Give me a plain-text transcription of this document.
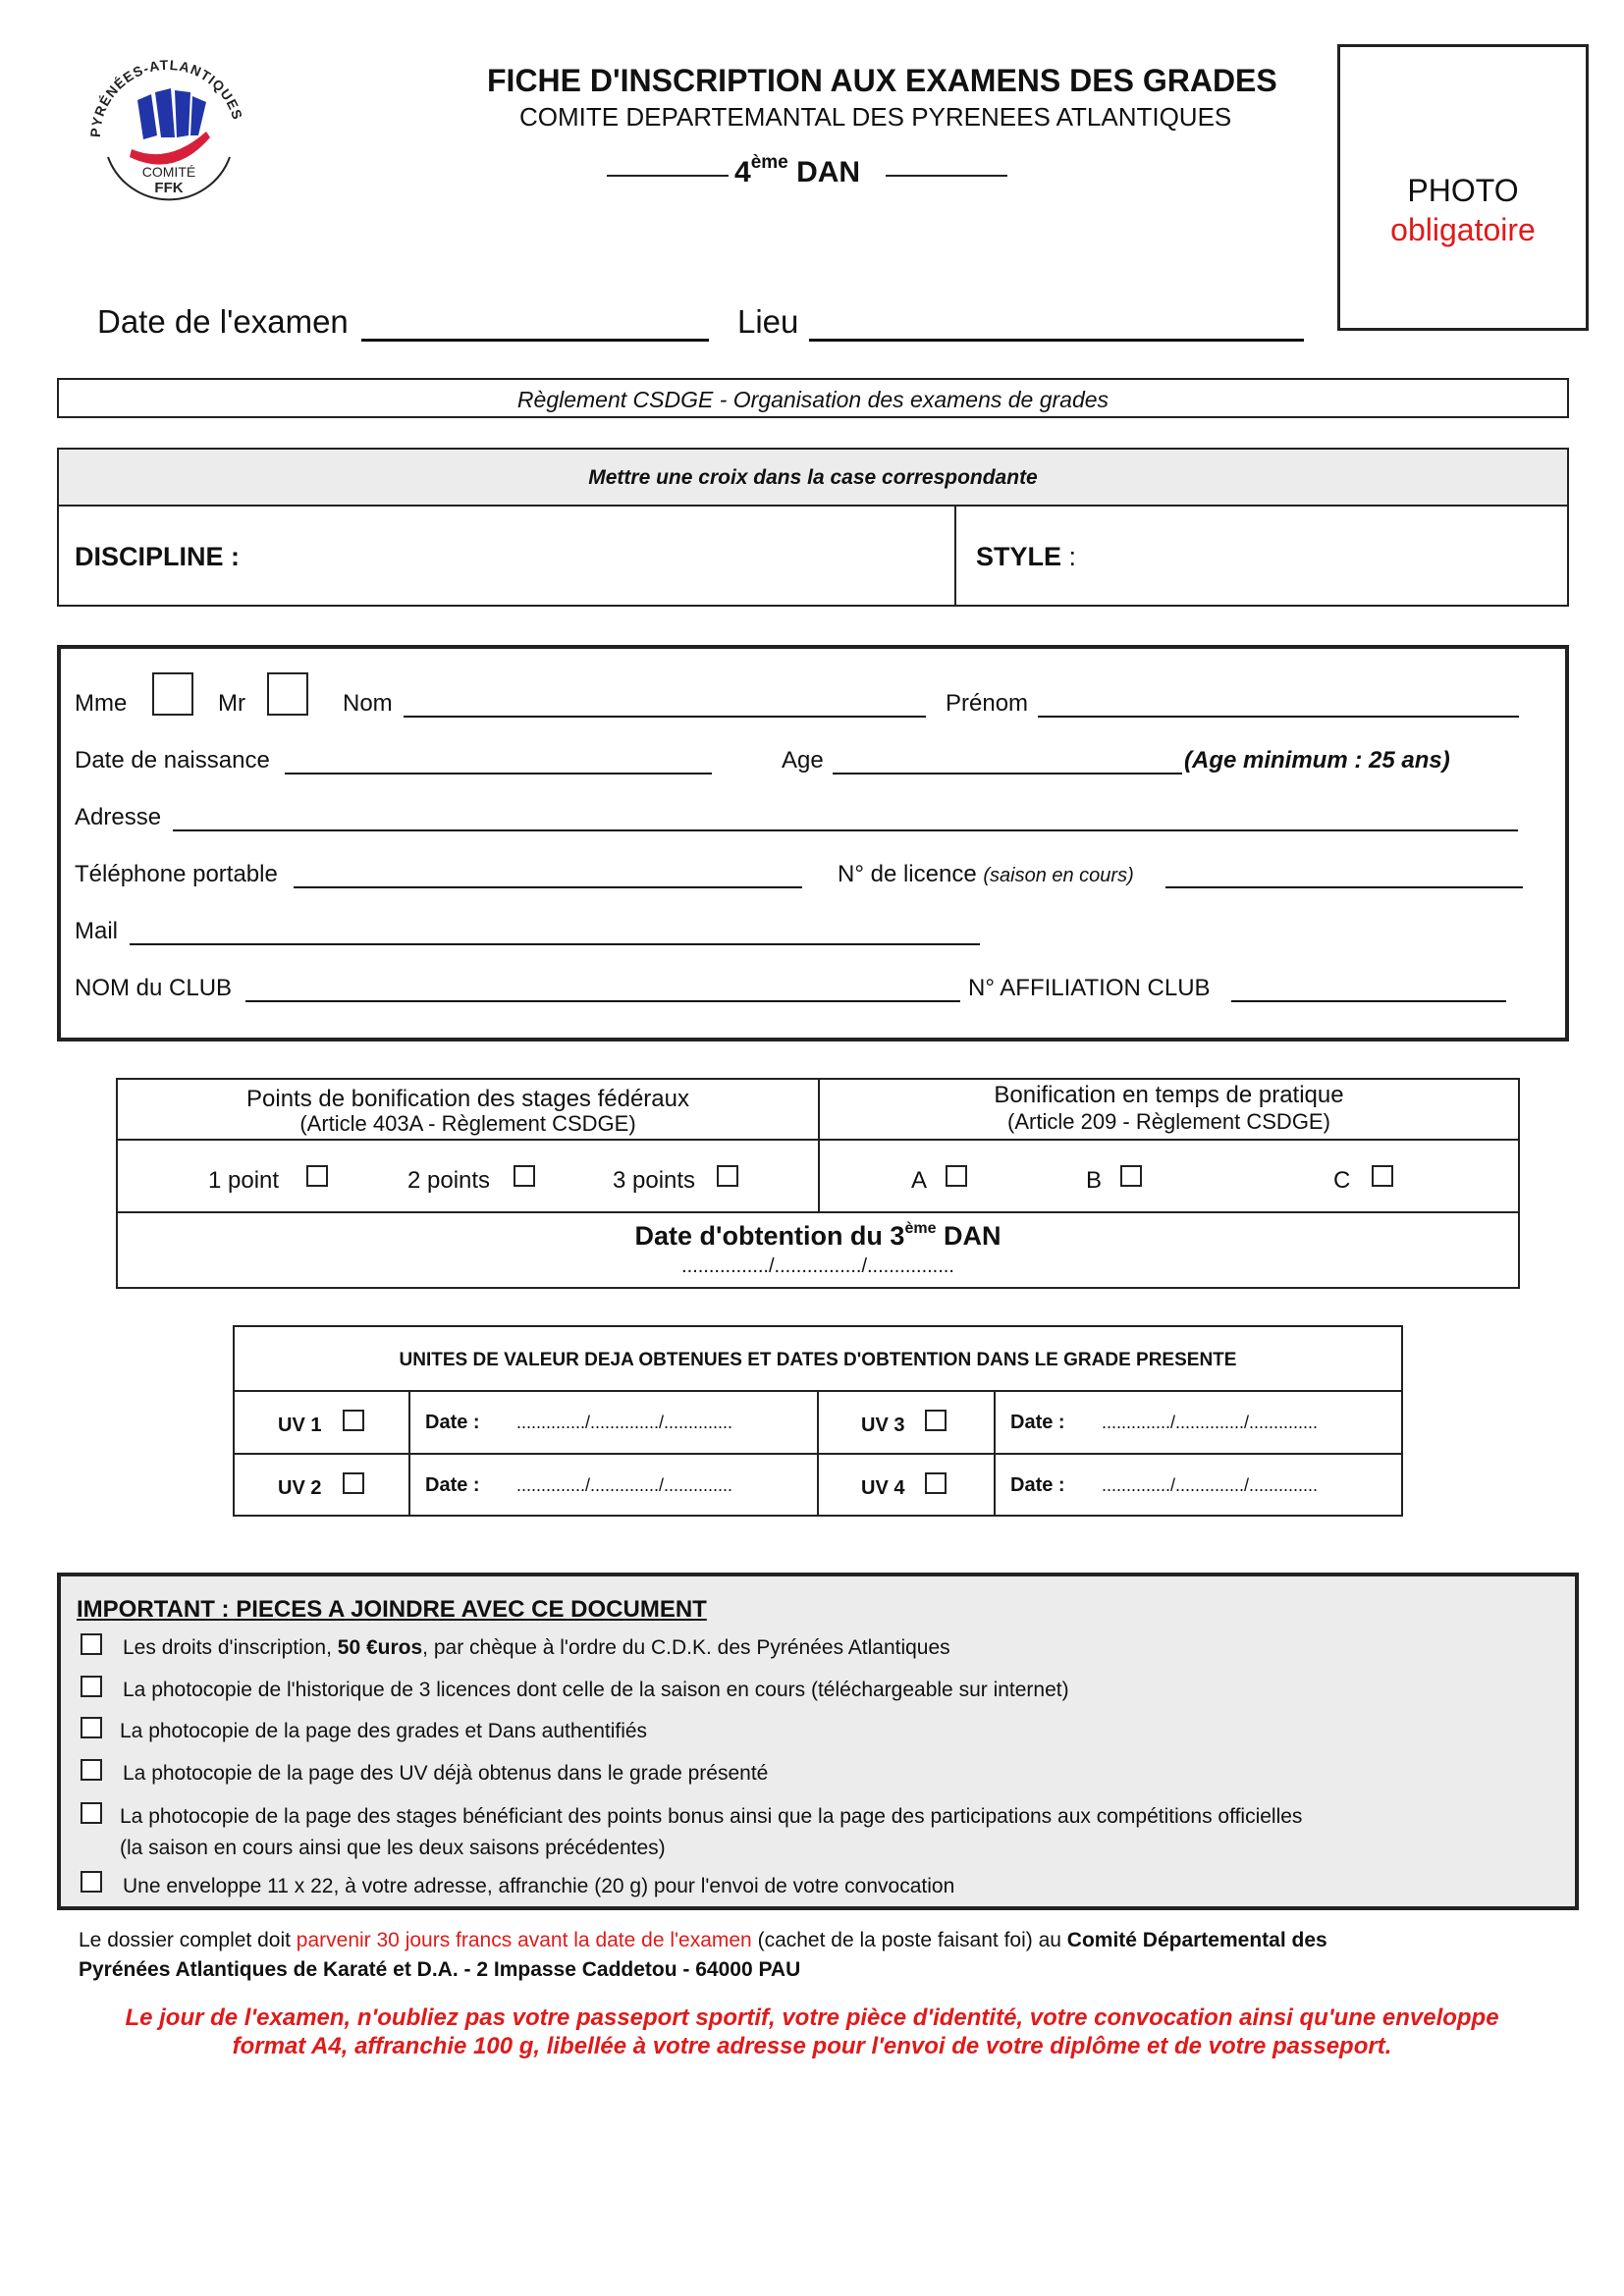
PYRÉNÉES-ATLANTIQUES
COMITÉ
FFK
FICHE D'INSCRIPTION AUX EXAMENS DES GRADES
COMITE DEPARTEMANTAL DES PYRENEES ATLANTIQUES
4ème DAN
PHOTO
obligatoire
Date de l'examen	Lieu
Règlement CSDGE - Organisation des examens de grades
Mettre une croix dans la case correspondante
DISCIPLINE :	STYLE :
Mme	Mr	Nom	Prénom
Date de naissance	Age	(Age minimum : 25 ans)
Adresse
Téléphone portable	N° de licence (saison en cours)
Mail
NOM du CLUB	N° AFFILIATION CLUB
Points de bonification des stages fédéraux
(Article 403A - Règlement CSDGE)
Bonification en temps de pratique
(Article 209 - Règlement CSDGE)
1 point	2 points	3 points	A	B	C
Date d'obtention du 3ème DAN
................/................/................
UNITES DE VALEUR DEJA OBTENUES ET DATES D'OBTENTION DANS LE GRADE PRESENTE
UV 1	Date : ............../............../..............	UV 3	Date : ............../............../..............
UV 2	Date : ............../............../..............	UV 4	Date : ............../............../..............
IMPORTANT : PIECES A JOINDRE AVEC CE DOCUMENT
Les droits d'inscription, 50 €uros, par chèque à l'ordre du C.D.K. des Pyrénées Atlantiques
La photocopie de l'historique de 3 licences dont celle de la saison en cours (téléchargeable sur internet)
La photocopie de la page des grades et Dans authentifiés
La photocopie de la page des UV déjà obtenus dans le grade présenté
La photocopie de la page des stages bénéficiant des points bonus ainsi que la page des participations aux compétitions officielles
(la saison en cours ainsi que les deux saisons précédentes)
Une enveloppe 11 x 22, à votre adresse, affranchie (20 g) pour l'envoi de votre convocation
Le dossier complet doit parvenir 30 jours francs avant la date de l'examen (cachet de la poste faisant foi) au Comité Départemental des
Pyrénées Atlantiques de Karaté et D.A. - 2 Impasse Caddetou - 64000 PAU
Le jour de l'examen, n'oubliez pas votre passeport sportif, votre pièce d'identité, votre convocation ainsi qu'une enveloppe
format A4, affranchie 100 g, libellée à votre adresse pour l'envoi de votre diplôme et de votre passeport.
